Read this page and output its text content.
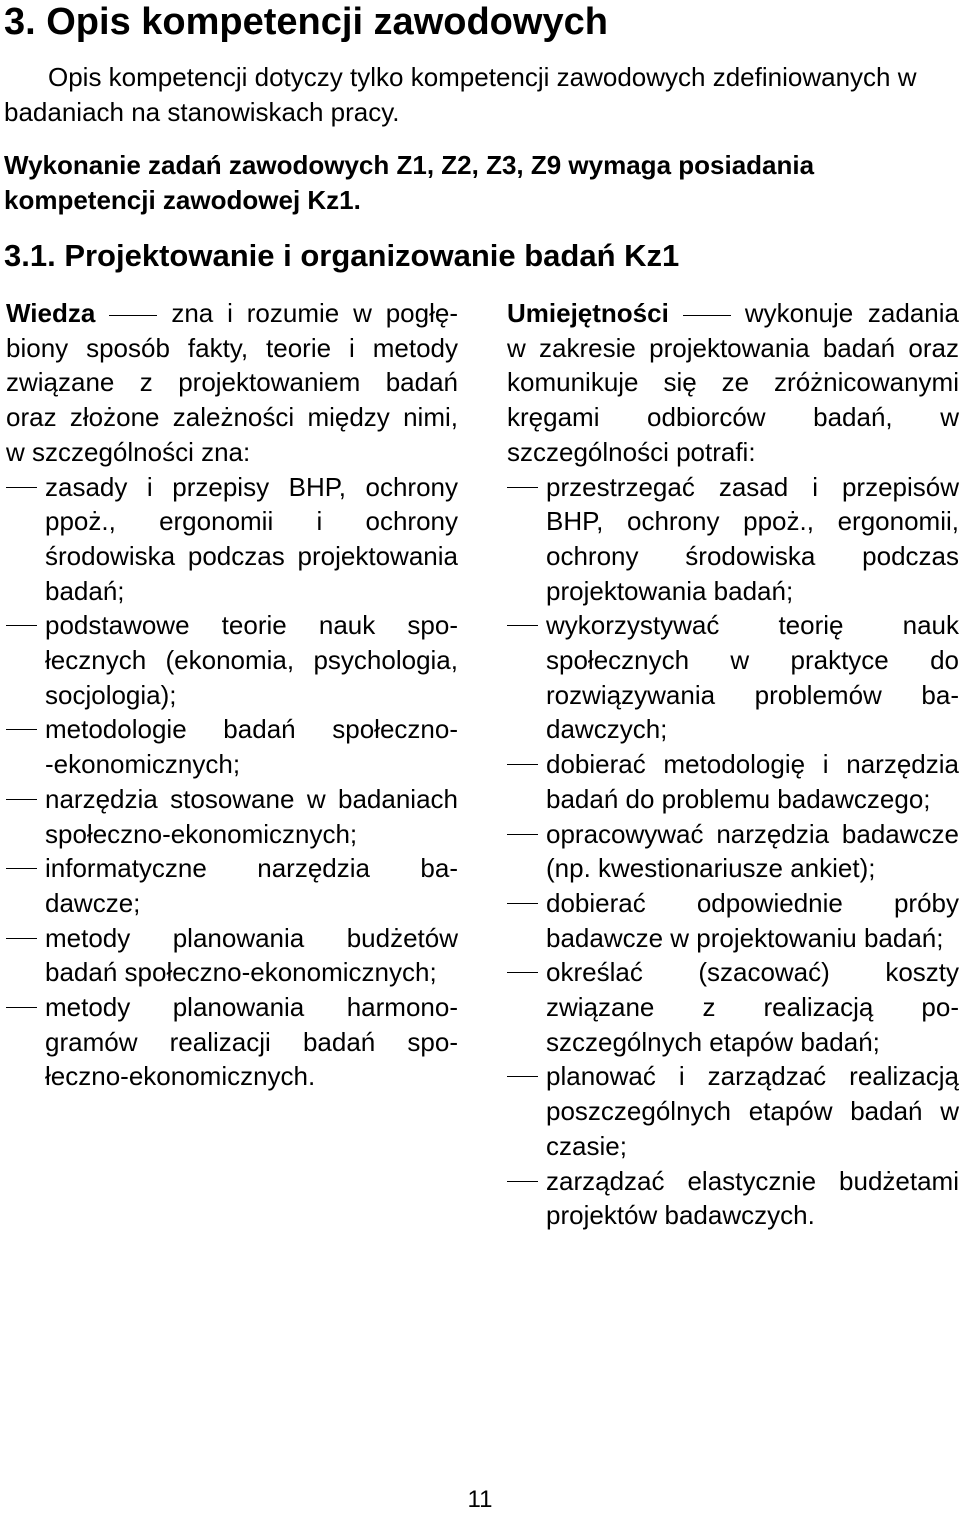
3. Opis kompetencji zawodowych

Opis kompetencji dotyczy tylko kompetencji zawodowych zdefiniowanych w badaniach na stanowiskach pracy.

Wykonanie zadań zawodowych Z1, Z2, Z3, Z9 wymaga posiadania kompetencji zawodowej Kz1.

3.1. Projektowanie i organizowanie badań Kz1

Wiedza	zna i rozumie w pogłębiony sposób fakty, teorie i metody związane z projektowaniem badań oraz złożone zależności między nimi, w szczególności zna:

zasady i przepisy BHP, ochrony ppoż., ergonomii i ochrony środowiska podczas projektowania badań;
podstawowe teorie nauk społecznych (ekonomia, psychologia, socjologia);
metodologie badań społeczno-‑ekonomicznych;
narzędzia stosowane w badaniach społeczno-ekonomicznych;
informatyczne narzędzia badawcze;
metody planowania budżetów badań społeczno-ekonomicznych;
metody planowania harmonogramów realizacji badań społeczno-ekonomicznych.

Umiejętności	wykonuje zadania w zakresie projektowania badań oraz komunikuje się ze zróżnicowanymi kręgami odbiorców badań, w szczególności potrafi:

przestrzegać zasad i przepisów BHP, ochrony ppoż., ergonomii, ochrony środowiska podczas projektowania badań;
wykorzystywać teorię nauk społecznych w praktyce do rozwiązywania problemów badawczych;
dobierać metodologię i narzędzia badań do problemu badawczego;
opracowywać narzędzia badawcze (np. kwestionariusze ankiet);
dobierać odpowiednie próby badawcze w projektowaniu badań;
określać (szacować) koszty związane z realizacją poszczególnych etapów badań;
planować i zarządzać realizacją poszczególnych etapów badań w czasie;
zarządzać elastycznie budżetami projektów badawczych.
11
